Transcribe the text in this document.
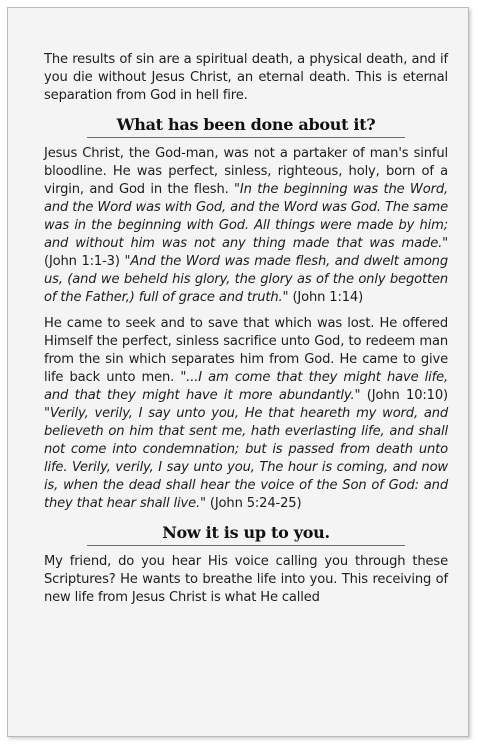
The results of sin are a spiritual death, a physical death, and if you die without Jesus Christ, an eternal death. This is eternal separation from God in hell fire.

What has been done about it?

Jesus Christ, the God-man, was not a partaker of man's sinful bloodline. He was perfect, sinless, righteous, holy, born of a virgin, and God in the flesh. "In the beginning was the Word, and the Word was with God, and the Word was God. The same was in the beginning with God. All things were made by him; and without him was not any thing made that was made." (John 1:1-3) "And the Word was made flesh, and dwelt among us, (and we beheld his glory, the glory as of the only begotten of the Father,) full of grace and truth." (John 1:14)

He came to seek and to save that which was lost. He offered Himself the perfect, sinless sacrifice unto God, to redeem man from the sin which separates him from God. He came to give life back unto men. "...I am come that they might have life, and that they might have it more abundantly." (John 10:10) "Verily, verily, I say unto you, He that heareth my word, and believeth on him that sent me, hath everlasting life, and shall not come into condemnation; but is passed from death unto life. Verily, verily, I say unto you, The hour is coming, and now is, when the dead shall hear the voice of the Son of God: and they that hear shall live." (John 5:24-25)

Now it is up to you.

My friend, do you hear His voice calling you through these Scriptures? He wants to breathe life into you. This receiving of new life from Jesus Christ is what He called
